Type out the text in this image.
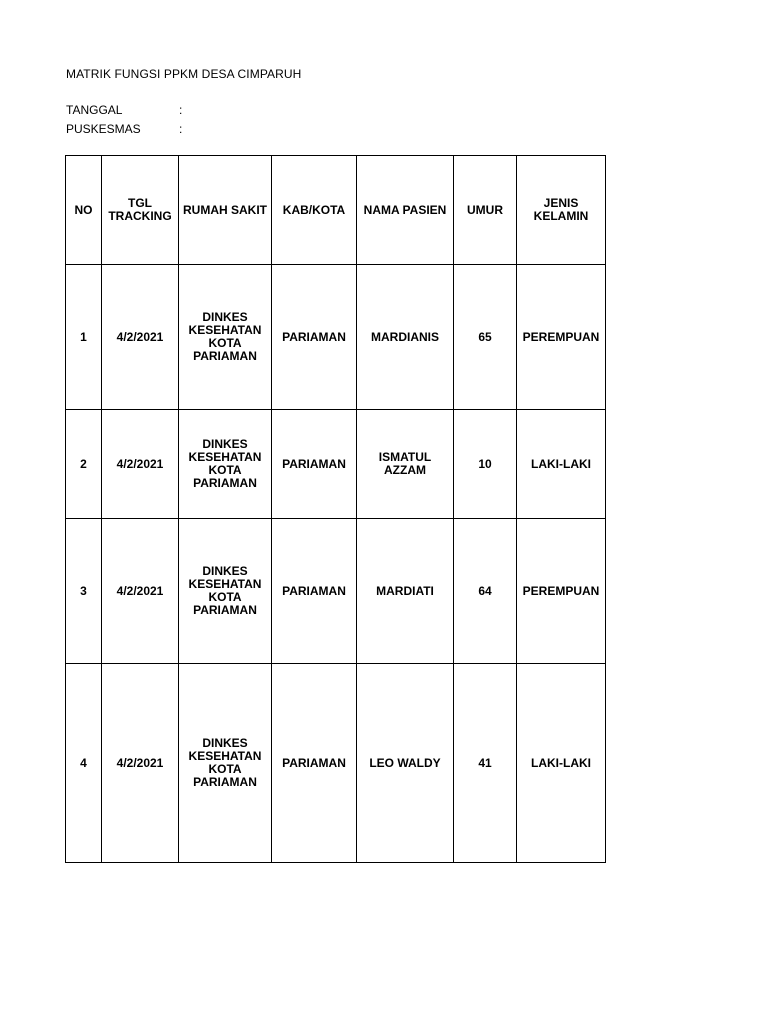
MATRIK FUNGSI PPKM DESA CIMPARUH
TANGGAL	:
PUSKESMAS	:
NO	TGL TRACKING	RUMAH SAKIT	KAB/KOTA	NAMA PASIEN	UMUR	JENIS KELAMIN
1	4/2/2021	DINKES KESEHATAN KOTA PARIAMAN	PARIAMAN	MARDIANIS	65	PEREMPUAN
2	4/2/2021	DINKES KESEHATAN KOTA PARIAMAN	PARIAMAN	ISMATUL AZZAM	10	LAKI-LAKI
3	4/2/2021	DINKES KESEHATAN KOTA PARIAMAN	PARIAMAN	MARDIATI	64	PEREMPUAN
4	4/2/2021	DINKES KESEHATAN KOTA PARIAMAN	PARIAMAN	LEO WALDY	41	LAKI-LAKI
